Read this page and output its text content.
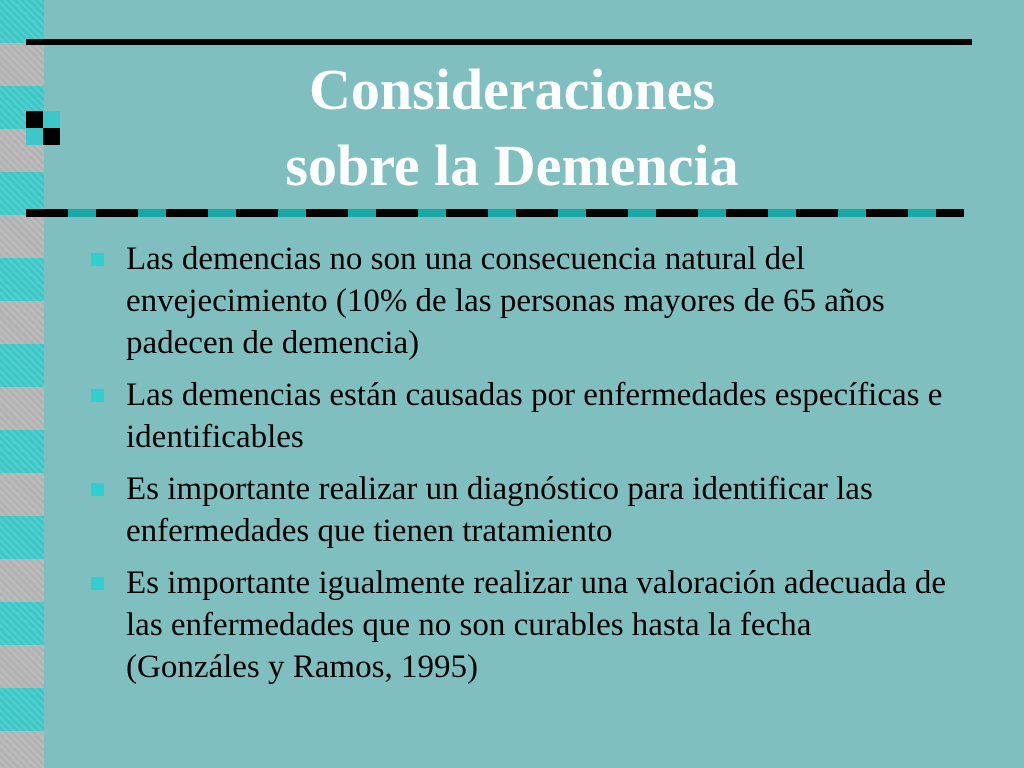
Consideraciones
sobre la Demencia
Las demencias no son una consecuencia natural del envejecimiento (10% de las personas mayores de 65 años padecen de demencia)
Las demencias están causadas por enfermedades específicas e identificables
Es importante realizar un diagnóstico para identificar las enfermedades que tienen tratamiento
Es importante igualmente realizar una valoración adecuada de las enfermedades que no son curables hasta la fecha              (Gonzáles y Ramos, 1995)
